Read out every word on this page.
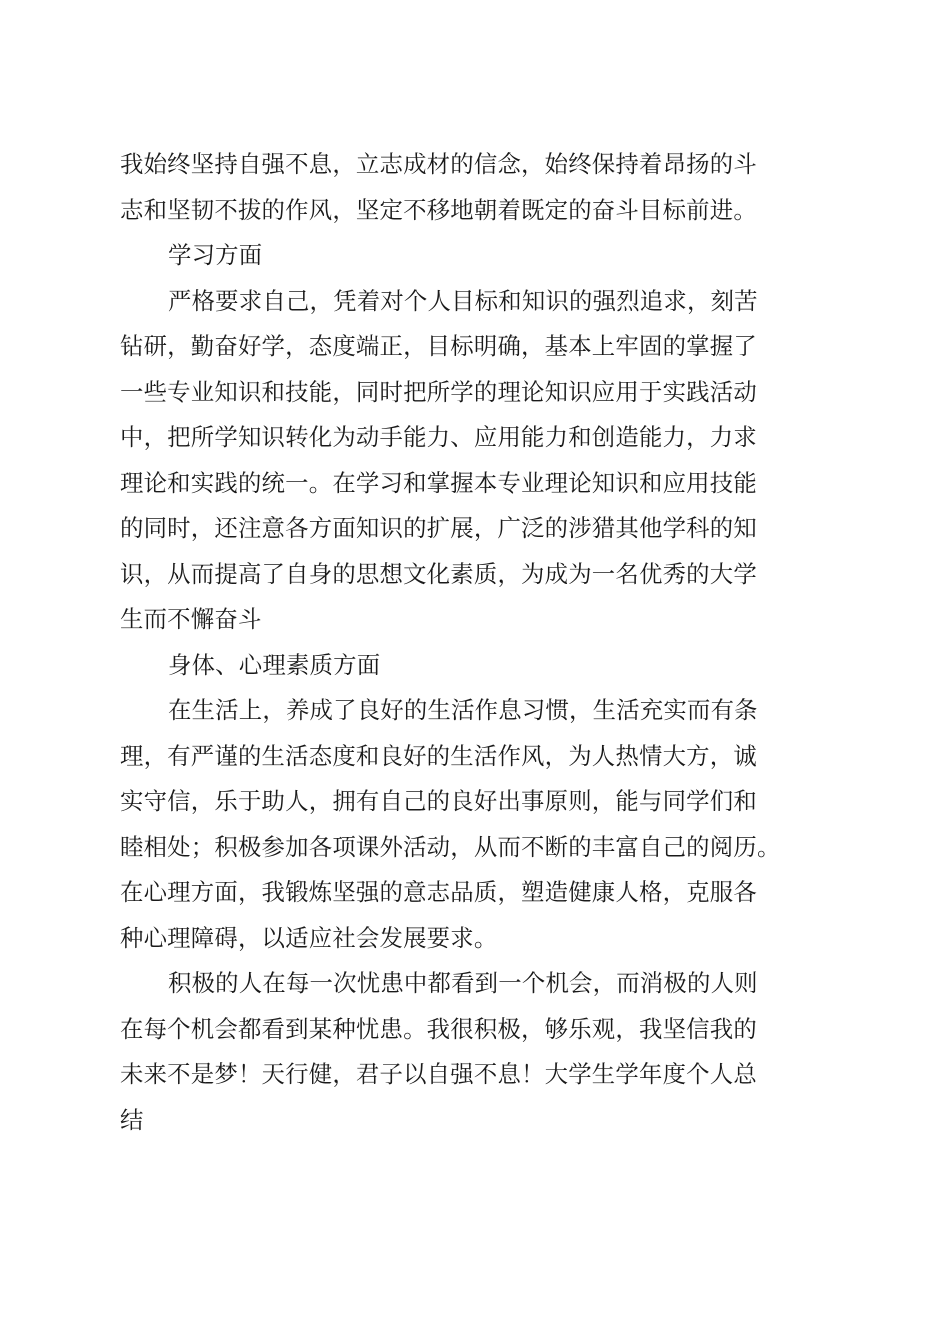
我始终坚持自强不息，立志成材的信念，始终保持着昂扬的斗
志和坚韧不拔的作风，坚定不移地朝着既定的奋斗目标前进。
学习方面
严格要求自己，凭着对个人目标和知识的强烈追求，刻苦
钻研，勤奋好学，态度端正，目标明确，基本上牢固的掌握了
一些专业知识和技能，同时把所学的理论知识应用于实践活动
中，把所学知识转化为动手能力、应用能力和创造能力，力求
理论和实践的统一。在学习和掌握本专业理论知识和应用技能
的同时，还注意各方面知识的扩展，广泛的涉猎其他学科的知
识，从而提高了自身的思想文化素质，为成为一名优秀的大学
生而不懈奋斗
身体、心理素质方面
在生活上，养成了良好的生活作息习惯，生活充实而有条
理，有严谨的生活态度和良好的生活作风，为人热情大方，诚
实守信，乐于助人，拥有自己的良好出事原则，能与同学们和
睦相处；积极参加各项课外活动，从而不断的丰富自己的阅历。
在心理方面，我锻炼坚强的意志品质，塑造健康人格，克服各
种心理障碍，以适应社会发展要求。
积极的人在每一次忧患中都看到一个机会，而消极的人则
在每个机会都看到某种忧患。我很积极，够乐观，我坚信我的
未来不是梦！天行健，君子以自强不息！大学生学年度个人总
结
